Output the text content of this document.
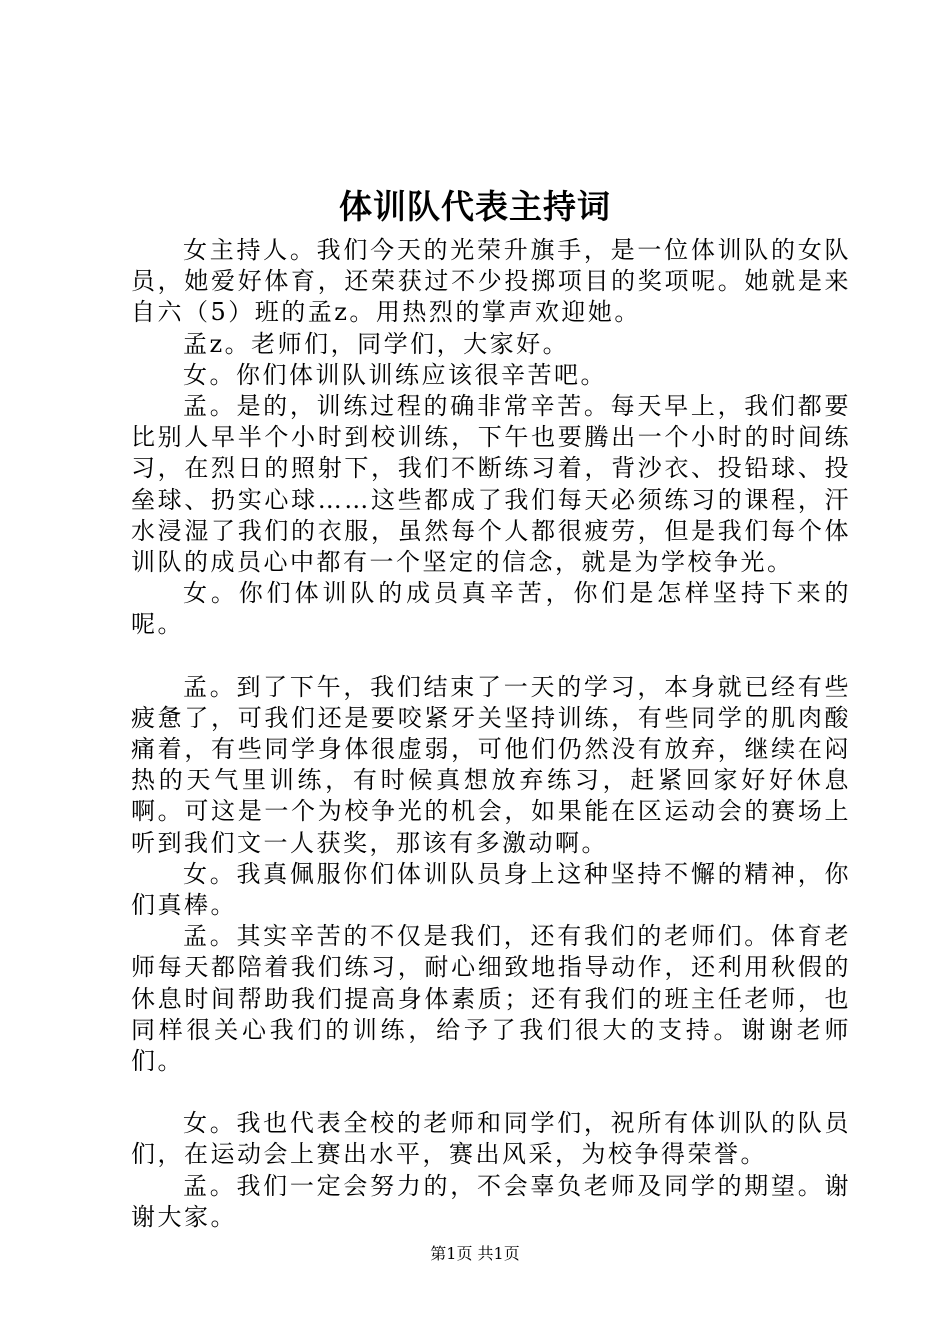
体训队代表主持词

女主持人。我们今天的光荣升旗手，是一位体训队的女队员，她爱好体育，还荣获过不少投掷项目的奖项呢。她就是来自六（5）班的孟z。用热烈的掌声欢迎她。

孟z。老师们，同学们，大家好。

女。你们体训队训练应该很辛苦吧。

孟。是的，训练过程的确非常辛苦。每天早上，我们都要比别人早半个小时到校训练，下午也要腾出一个小时的时间练习，在烈日的照射下，我们不断练习着，背沙衣、投铅球、投垒球、扔实心球……这些都成了我们每天必须练习的课程，汗水浸湿了我们的衣服，虽然每个人都很疲劳，但是我们每个体训队的成员心中都有一个坚定的信念，就是为学校争光。

女。你们体训队的成员真辛苦，你们是怎样坚持下来的呢。

孟。到了下午，我们结束了一天的学习，本身就已经有些疲惫了，可我们还是要咬紧牙关坚持训练，有些同学的肌肉酸痛着，有些同学身体很虚弱，可他们仍然没有放弃，继续在闷热的天气里训练，有时候真想放弃练习，赶紧回家好好休息啊。可这是一个为校争光的机会，如果能在区运动会的赛场上听到我们文一人获奖，那该有多激动啊。

女。我真佩服你们体训队员身上这种坚持不懈的精神，你们真棒。

孟。其实辛苦的不仅是我们，还有我们的老师们。体育老师每天都陪着我们练习，耐心细致地指导动作，还利用秋假的休息时间帮助我们提高身体素质；还有我们的班主任老师，也同样很关心我们的训练，给予了我们很大的支持。谢谢老师们。

女。我也代表全校的老师和同学们，祝所有体训队的队员们，在运动会上赛出水平，赛出风采，为校争得荣誉。

孟。我们一定会努力的，不会辜负老师及同学的期望。谢谢大家。

第1页 共1页
